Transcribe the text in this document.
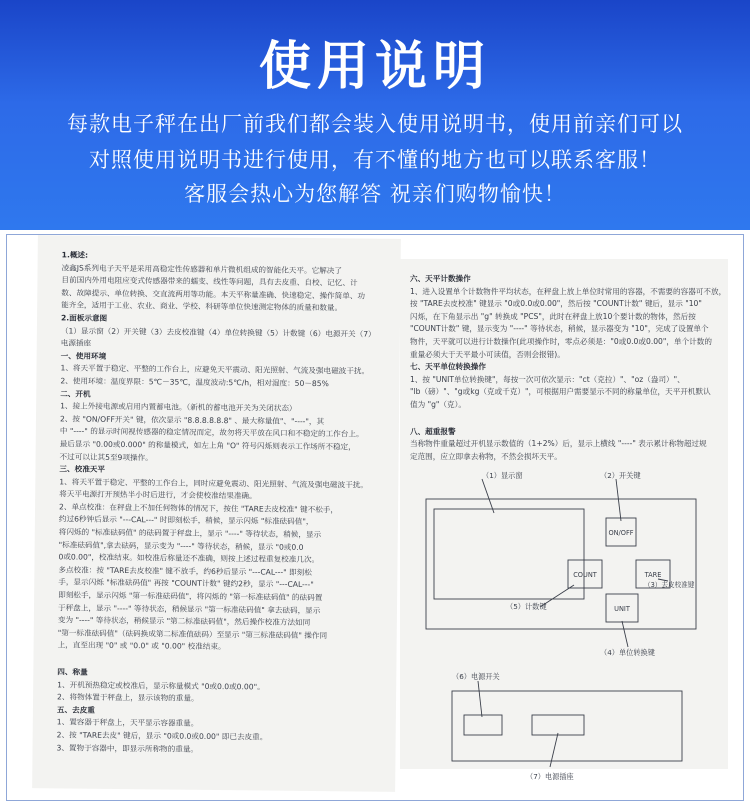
使用说明
每款电子秤在出厂前我们都会装入使用说明书，使用前亲们可以
对照使用说明书进行使用，有不懂的地方也可以联系客服！
客服会热心为您解答 祝亲们购物愉快！

1.概述:

凌鑫JS系列电子天平是采用高稳定性传感器和单片微机组成的智能化天平。它解决了

目前国内外用电阻应变式传感器带来的蠕变、线性等问题，具有去皮重、自校、记忆、计

数、故障提示、单位转换、交直流两用等功能。本天平称量准确、快速稳定、操作简单、功

能齐全，适用于工业、农业、商业、学校、科研等单位快速测定物体的质量和数量。

2.面板示意图

（1）显示窗（2）开关键（3）去皮校准键（4）单位转换键（5）计数键（6）电源开关（7）

电源插座

一、使用环境

1、将天平置于稳定、平整的工作台上，应避免天平震动、阳光照射、气流及强电磁波干扰。

2、使用环境：温度界限：5℃－35℃，温度波动:5℃/h，相对湿度：50－85%

二、开机

1、接上外接电源或启用内置蓄电池。（新机的蓄电池开关为关闭状态）

2、按 "ON/OFF开关" 键，依次显示 "8.8.8.8.8.8" 、最大称量值"、"----"，其

中 "----" 的显示时间视传感器的稳定情况而定，故勿将天平放在风口和不稳定的工作台上。

最后显示 "0.00或0.000" 的称量模式，如左上角 "O" 符号闪烁则表示工作场所不稳定，

不过可以让其5至9项操作。

三、校准天平

1、将天平置于稳定、平整的工作台上，同时应避免震动、阳光照射、气流及强电磁波干扰。

将天平电源打开预热半小时后进行，才会使校准结果准确。

2、单点校准：在秤盘上不加任何物体的情况下，按住 "TARE去皮校准" 键不松手，

约过6秒钟后显示 "---CAL---" 时即刻松手，稍候，显示闪烁 "标准砝码值"，

将闪烁的 "标准砝码值" 的砝码置于秤盘上，显示 "----" 等待状态，稍候，显示

"标准砝码值",拿去砝码，显示变为 "----" 等待状态，稍候，显示 "0或0.0

0或0.00"，校准结束。如校准后称量还不准确，则按上述过程重复校准几次。

多点校准：按 "TARE去皮校准" 键不放手，约6秒后显示 "---CAL---" 即刻松

手，显示闪烁 "标准砝码值" 再按 "COUNT计数" 键约2秒，显示 "---CAL---"

即刻松手，显示闪烁 "第一标准砝码值"，将闪烁的 "第一标准砝码值" 的砝码置

于秤盘上，显示 "----" 等待状态，稍候显示 "第一标准砝码值" 拿去砝码，显示

变为 "----" 等待状态，稍候显示 "第二标准砝码值"，然后操作校准方法如同

"第一标准砝码值"（砝码换成第二标准值砝码）至显示 "第三标准砝码值" 操作同

上，直至出现 "0" 或 "0.0" 或 "0.00" 校准结束。

四、称量

1、开机预热稳定或校准后，显示称量模式 "0或0.0或0.00"。

2、将物体置于秤盘上，显示该物的重量。

五、去皮重

1、置容器于秤盘上，天平显示容器重量。

2、按 "TARE去皮" 键后，显示 "0或0.0或0.00" 即已去皮重。

3、置物于容器中，即显示所称物的重量。

六、天平计数操作

1、进入设置单个计数物件平均状态，在秤盘上放上单位时常用的容器，不需要的容器可不放，

按 "TARE去皮校准" 键显示 "0或0.0或0.00"，然后按 "COUNT计数" 键后，显示 "10"

闪烁，在下角显示出 "g" 转换成 "PCS"，此时在秤盘上放10个要计数的物体，然后按

"COUNT计数" 键，显示变为 "----" 等待状态，稍候，显示器变为 "10"，完成了设置单个

物件，天平就可以进行计数操作(此项操作时，零点必须是："0或0.0或0.00"，单个计数的

重量必须大于天平最小可读值，否则会报错)。

七、天平单位转换操作

1、按 "UNIT单位转换键"，每按一次可依次显示："ct（克拉）"、"oz（盎司）"、

"lb（磅）"、"g或kg（克或千克）"，可根据用户需要显示不同的称量单位，天平开机默认

值为 "g"（克）。

八、超重报警

当称物件重量超过开机显示数值的（1+2%）后，显示上横线 "----" 表示累计称物超过规

定范围，应立即拿去称物，不然会损坏天平。

（1）显示窗	（2）开关键
ON/OFF
COUNT	TARE
UNIT
（3）去皮校准键
（5）计数键
（4）单位转换键
（6）电源开关
（7）电源插座
